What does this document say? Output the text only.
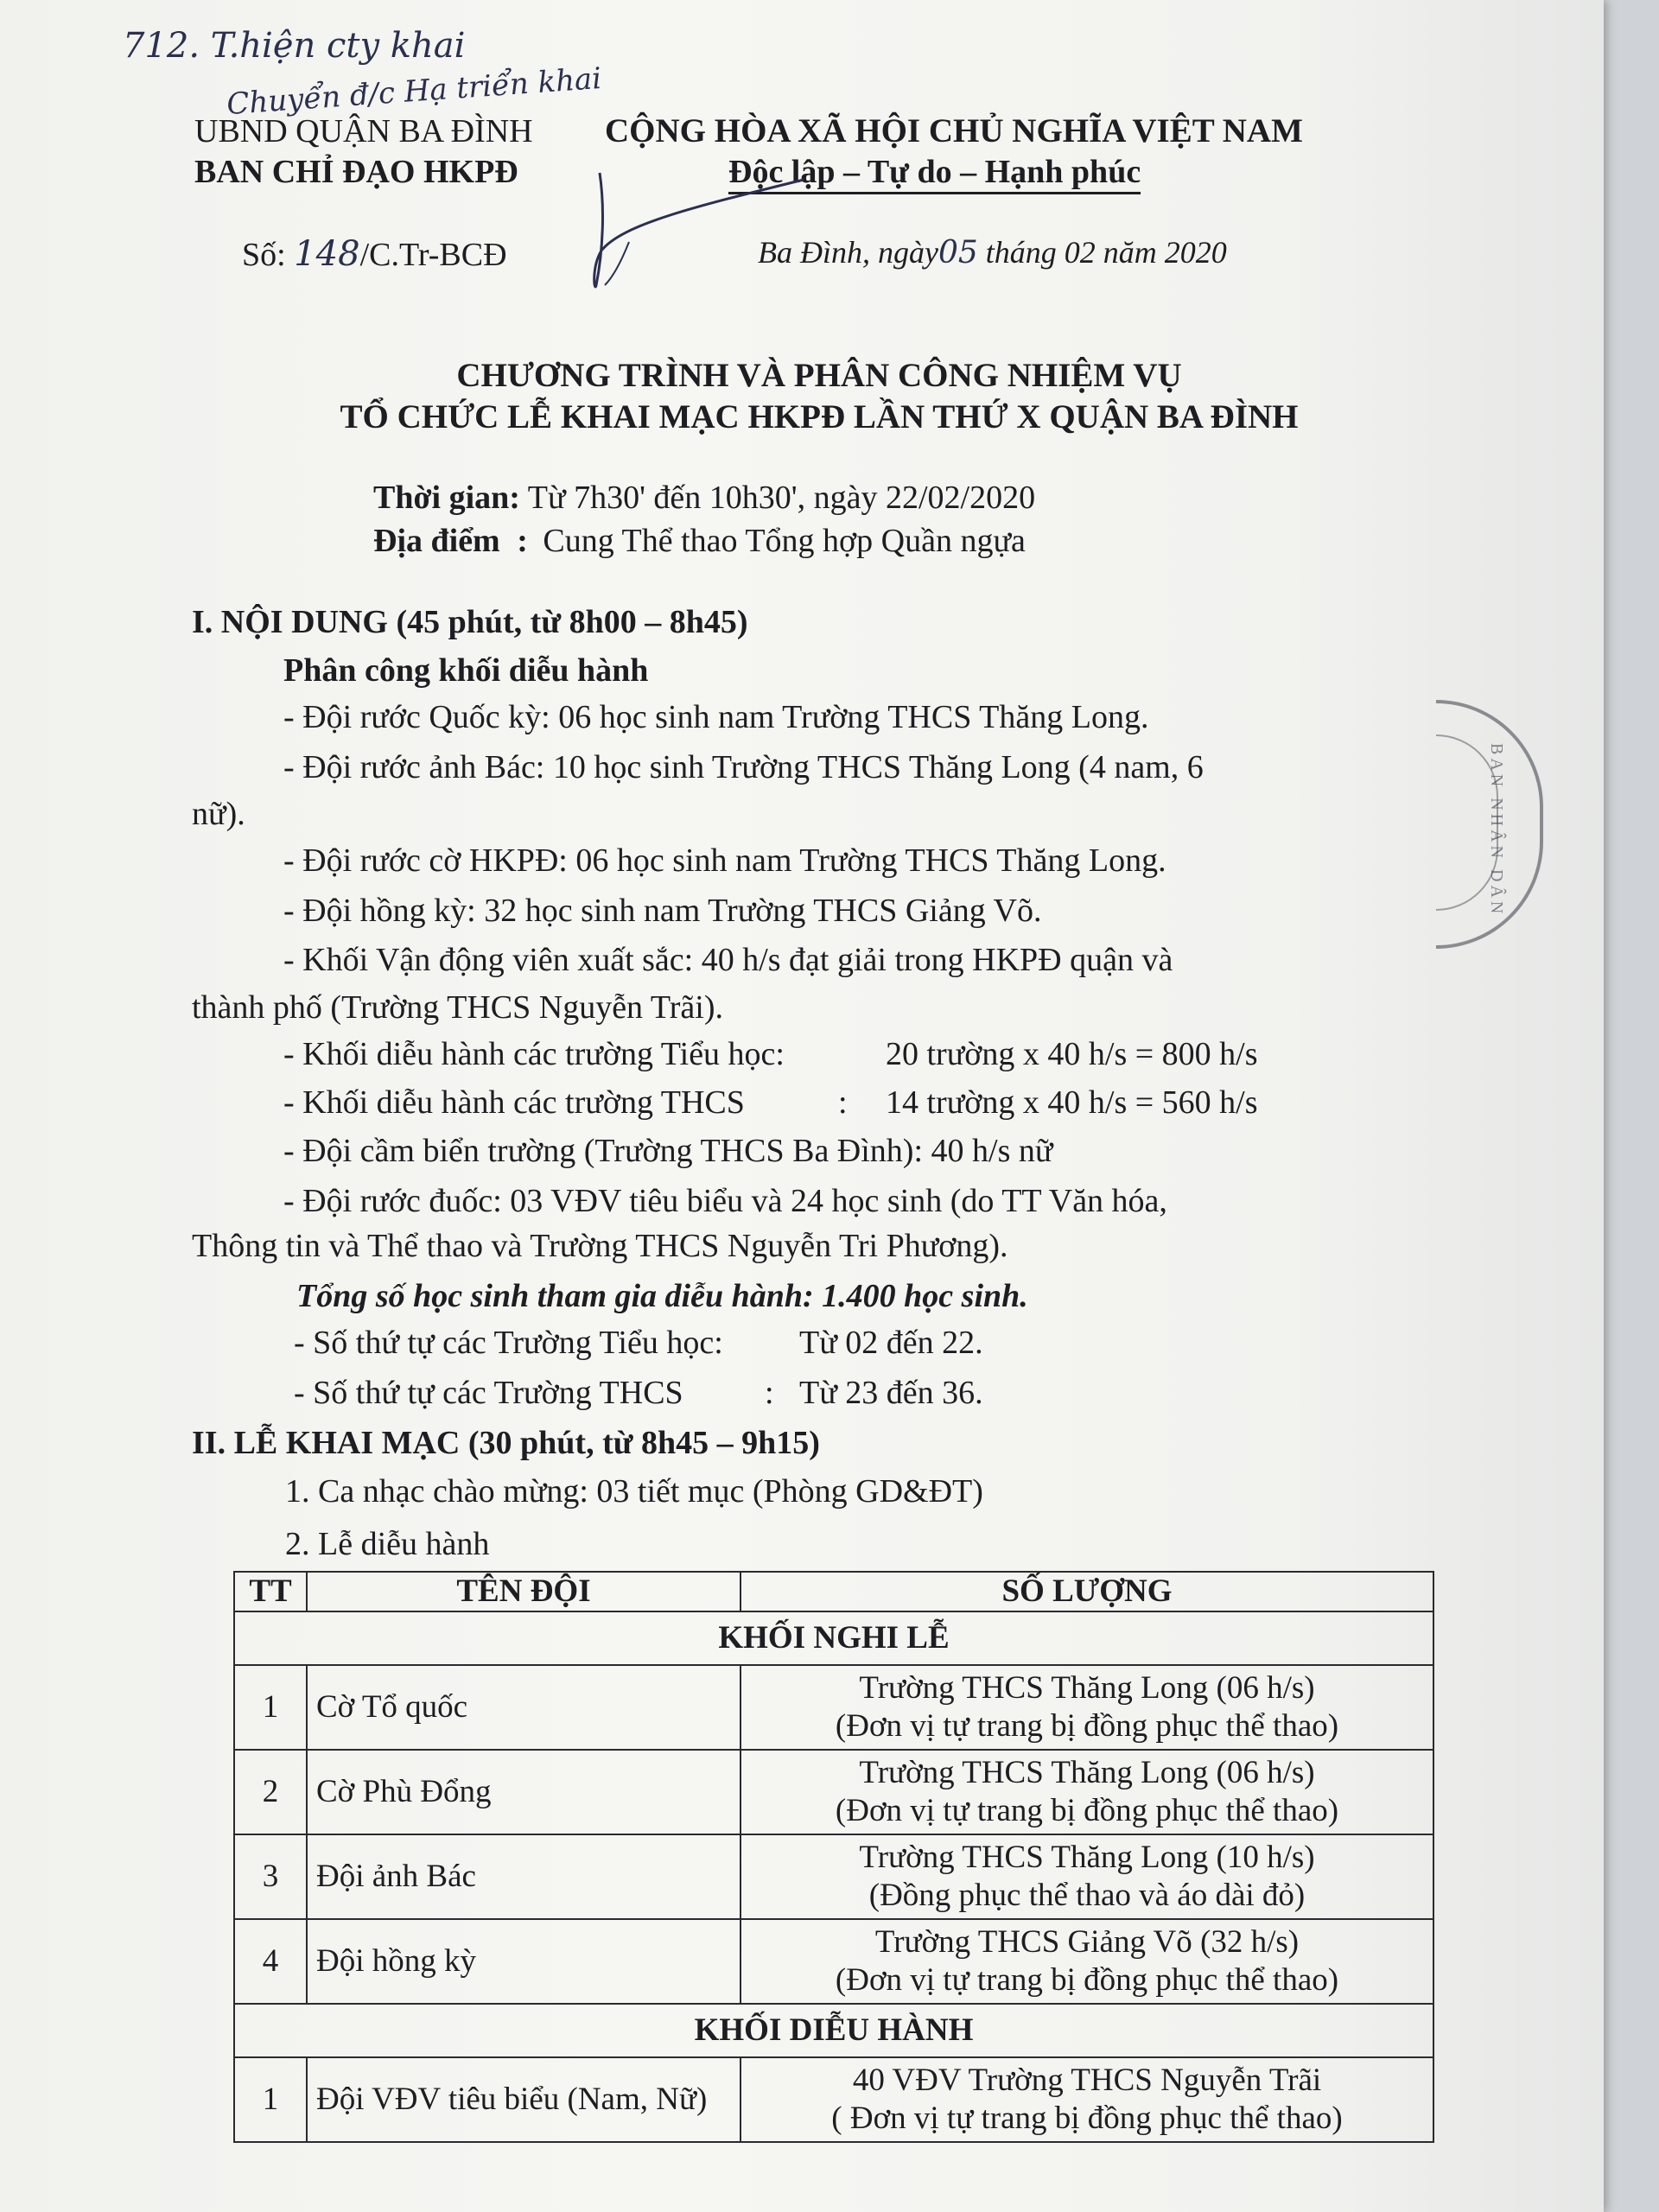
712. T.hiện cty khai
Chuyển đ/c Hạ triển khai
UBND QUẬN BA ĐÌNH
BAN CHỈ ĐẠO HKPĐ
Số: 148/C.Tr-BCĐ
CỘNG HÒA XÃ HỘI CHỦ NGHĨA VIỆT NAM
Độc lập – Tự do – Hạnh phúc
Ba Đình, ngày05 tháng 02 năm 2020
CHƯƠNG TRÌNH VÀ PHÂN CÔNG NHIỆM VỤ
TỔ CHỨC LỄ KHAI MẠC HKPĐ LẦN THỨ X QUẬN BA ĐÌNH
Thời gian: Từ 7h30' đến 10h30', ngày 22/02/2020
Địa điểm : Cung Thể thao Tổng hợp Quần ngựa
I. NỘI DUNG (45 phút, từ 8h00 – 8h45)
Phân công khối diễu hành
- Đội rước Quốc kỳ: 06 học sinh nam Trường THCS Thăng Long.
- Đội rước ảnh Bác: 10 học sinh Trường THCS Thăng Long (4 nam, 6
nữ).
- Đội rước cờ HKPĐ: 06 học sinh nam Trường THCS Thăng Long.
- Đội hồng kỳ: 32 học sinh nam Trường THCS Giảng Võ.
- Khối Vận động viên xuất sắc: 40 h/s đạt giải trong HKPĐ quận và
thành phố (Trường THCS Nguyễn Trãi).
- Khối diễu hành các trường Tiểu học:	20 trường x 40 h/s = 800 h/s
- Khối diễu hành các trường THCS	: 14 trường x 40 h/s = 560 h/s
- Đội cầm biển trường (Trường THCS Ba Đình): 40 h/s nữ
- Đội rước đuốc: 03 VĐV tiêu biểu và 24 học sinh (do TT Văn hóa,
Thông tin và Thể thao và Trường THCS Nguyễn Tri Phương).
Tổng số học sinh tham gia diễu hành: 1.400 học sinh.
- Số thứ tự các Trường Tiểu học: Từ 02 đến 22.
- Số thứ tự các Trường THCS : Từ 23 đến 36.
II. LỄ KHAI MẠC (30 phút, từ 8h45 – 9h15)
1. Ca nhạc chào mừng: 03 tiết mục (Phòng GD&ĐT)
2. Lễ diễu hành
TT	TÊN ĐỘI	SỐ LƯỢNG
KHỐI NGHI LỄ		
1	Cờ Tổ quốc	Trường THCS Thăng Long (06 h/s)
(Đơn vị tự trang bị đồng phục thể thao)

2	Cờ Phù Đổng	Trường THCS Thăng Long (06 h/s)
(Đơn vị tự trang bị đồng phục thể thao)

3	Đội ảnh Bác	Trường THCS Thăng Long (10 h/s)
(Đồng phục thể thao và áo dài đỏ)

4	Đội hồng kỳ	Trường THCS Giảng Võ (32 h/s)
(Đơn vị tự trang bị đồng phục thể thao)

KHỐI DIỄU HÀNH		
1	Đội VĐV tiêu biểu (Nam, Nữ)	40 VĐV Trường THCS Nguyễn Trãi
( Đơn vị tự trang bị đồng phục thể thao)
BAN NHÂN DÂN
